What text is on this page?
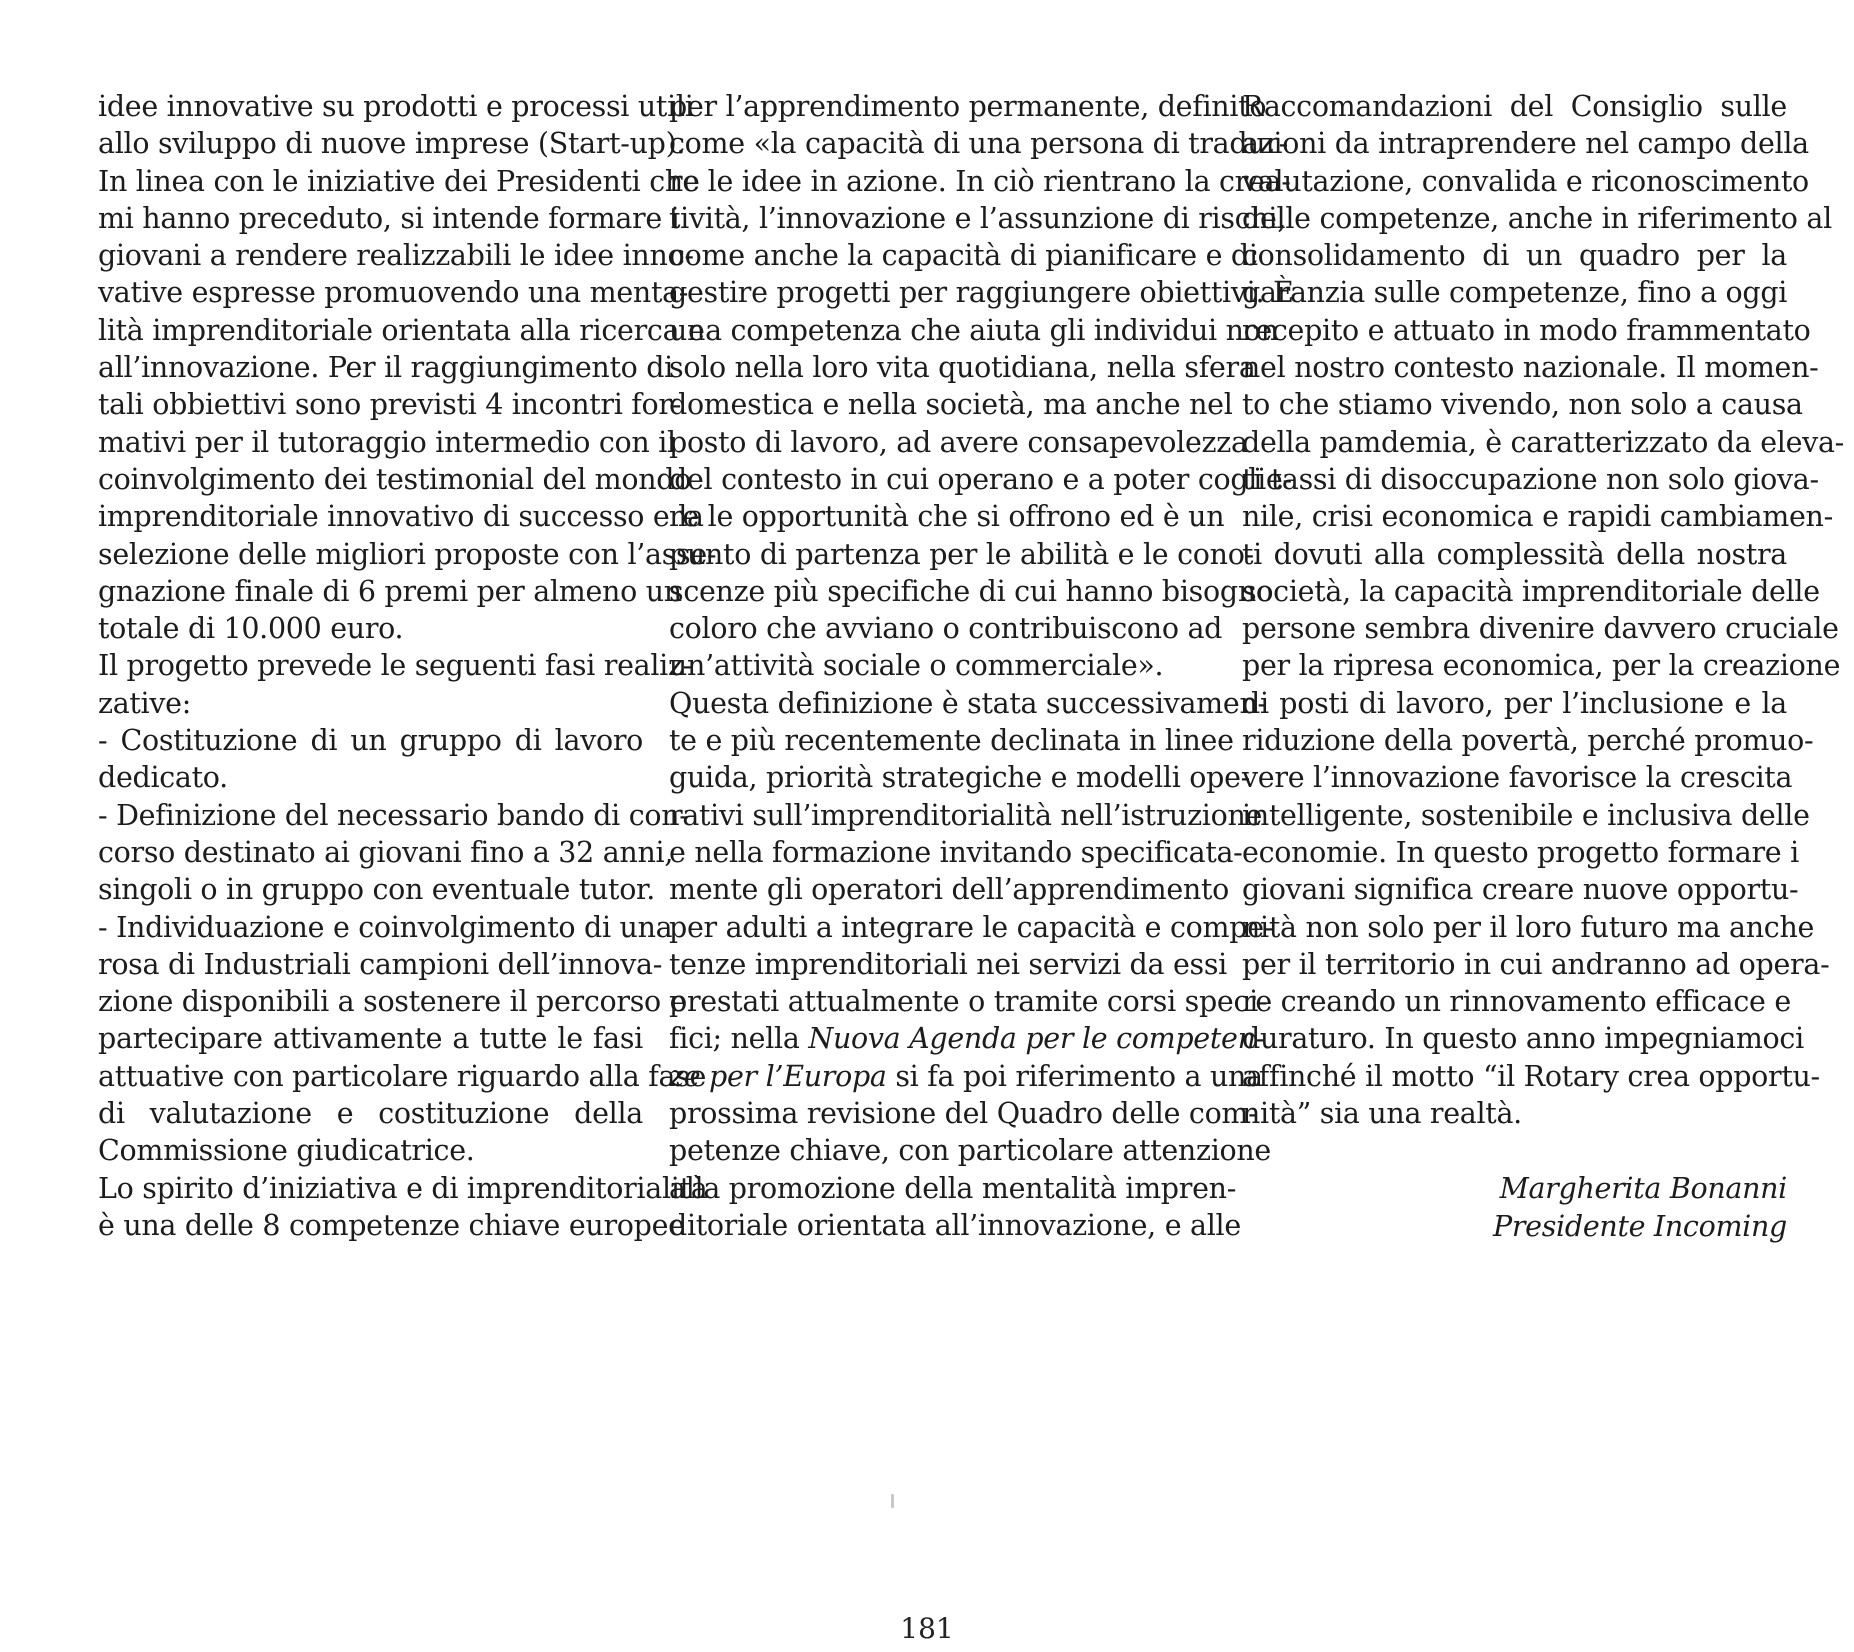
idee innovative su prodotti e processi utili
allo sviluppo di nuove imprese (Start-up).
In linea con le iniziative dei Presidenti che
mi hanno preceduto, si intende formare i
giovani a rendere realizzabili le idee inno-
vative espresse promuovendo una menta-
lità imprenditoriale orientata alla ricerca e
all’innovazione. Per il raggiungimento di
tali obbiettivi sono previsti 4 incontri for-
mativi per il tutoraggio intermedio con il
coinvolgimento dei testimonial del mondo
imprenditoriale innovativo di successo e la
selezione delle migliori proposte con l’asse-
gnazione finale di 6 premi per almeno un
totale di 10.000 euro.
Il progetto prevede le seguenti fasi realiz-
zative:
- Costituzione di un gruppo di lavoro
dedicato.
- Definizione del necessario bando di con-
corso destinato ai giovani fino a 32 anni,
singoli o in gruppo con eventuale tutor.
- Individuazione e coinvolgimento di una
rosa di Industriali campioni dell’innova-
zione disponibili a sostenere il percorso e
partecipare attivamente a tutte le fasi
attuative con particolare riguardo alla fase
di valutazione e costituzione della
Commissione giudicatrice.
Lo spirito d’iniziativa e di imprenditorialità
è una delle 8 competenze chiave europee
per l’apprendimento permanente, definito
come «la capacità di una persona di tradur-
re le idee in azione. In ciò rientrano la crea-
tività, l’innovazione e l’assunzione di rischi,
come anche la capacità di pianificare e di
gestire progetti per raggiungere obiettivi. È
una competenza che aiuta gli individui non
solo nella loro vita quotidiana, nella sfera
domestica e nella società, ma anche nel
posto di lavoro, ad avere consapevolezza
del contesto in cui operano e a poter coglie-
re le opportunità che si offrono ed è un
punto di partenza per le abilità e le cono-
scenze più specifiche di cui hanno bisogno
coloro che avviano o contribuiscono ad
un’attività sociale o commerciale».
Questa definizione è stata successivamen-
te e più recentemente declinata in linee
guida, priorità strategiche e modelli ope-
rativi sull’imprenditorialità nell’istruzione
e nella formazione invitando specificata-
mente gli operatori dell’apprendimento
per adulti a integrare le capacità e compe-
tenze imprenditoriali nei servizi da essi
prestati attualmente o tramite corsi speci-
fici; nella Nuova Agenda per le competen-
ze per l’Europa si fa poi riferimento a una
prossima revisione del Quadro delle com-
petenze chiave, con particolare attenzione
alla promozione della mentalità impren-
ditoriale orientata all’innovazione, e alle
Raccomandazioni del Consiglio sulle
azioni da intraprendere nel campo della
valutazione, convalida e riconoscimento
delle competenze, anche in riferimento al
consolidamento di un quadro per la
garanzia sulle competenze, fino a oggi
recepito e attuato in modo frammentato
nel nostro contesto nazionale. Il momen-
to che stiamo vivendo, non solo a causa
della pamdemia, è caratterizzato da eleva-
ti tassi di disoccupazione non solo giova-
nile, crisi economica e rapidi cambiamen-
ti dovuti alla complessità della nostra
società, la capacità imprenditoriale delle
persone sembra divenire davvero cruciale
per la ripresa economica, per la creazione
di posti di lavoro, per l’inclusione e la
riduzione della povertà, perché promuo-
vere l’innovazione favorisce la crescita
intelligente, sostenibile e inclusiva delle
economie. In questo progetto formare i
giovani significa creare nuove opportu-
nità non solo per il loro futuro ma anche
per il territorio in cui andranno ad opera-
re creando un rinnovamento efficace e
duraturo. In questo anno impegniamoci
affinché il motto “il Rotary crea opportu-
nità” sia una realtà.
Margherita Bonanni
Presidente Incoming
181
